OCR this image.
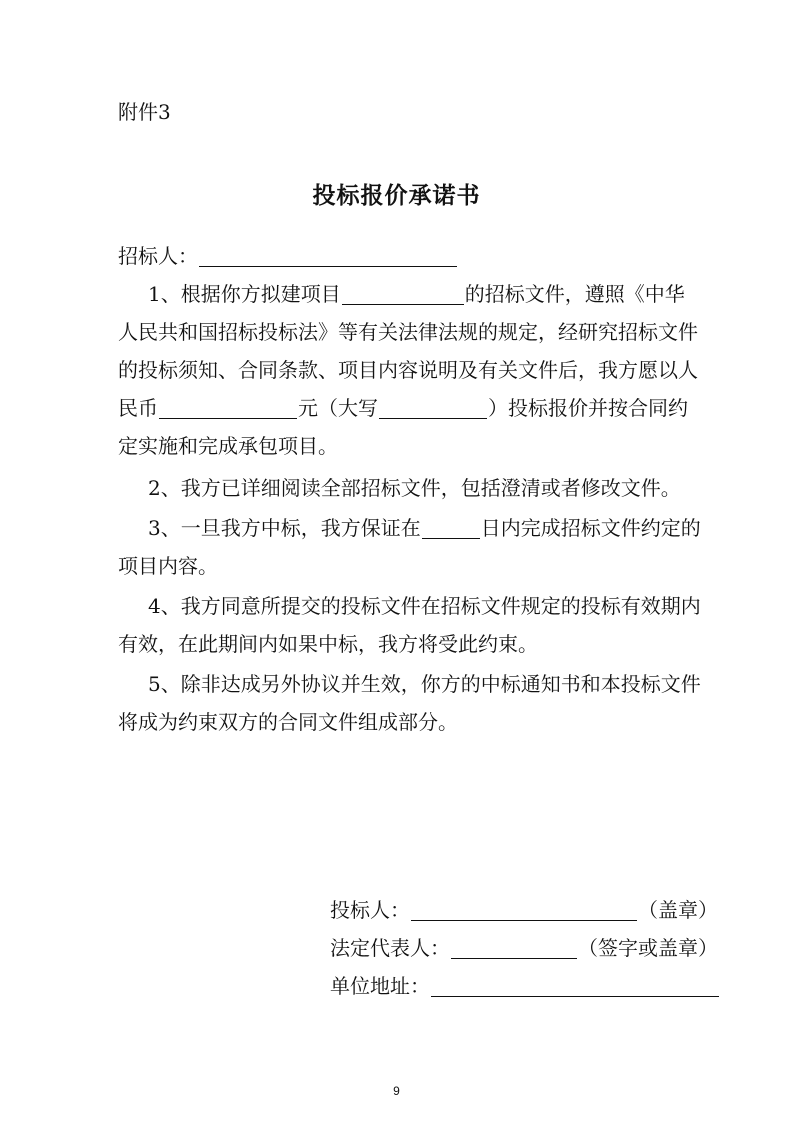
附件3
投标报价承诺书
招标人：
1、根据你方拟建项目	的招标文件，遵照《中华
人民共和国招标投标法》等有关法律法规的规定，经研究招标文件
的投标须知、合同条款、项目内容说明及有关文件后，我方愿以人
民币	元（大写	）投标报价并按合同约
定实施和完成承包项目。
2、我方已详细阅读全部招标文件，包括澄清或者修改文件。
3、一旦我方中标，我方保证在	日内完成招标文件约定的
项目内容。
4、我方同意所提交的投标文件在招标文件规定的投标有效期内
有效，在此期间内如果中标，我方将受此约束。
5、除非达成另外协议并生效，你方的中标通知书和本投标文件
将成为约束双方的合同文件组成部分。
投标人：	（盖章）
法定代表人：	（签字或盖章）
单位地址：
9
